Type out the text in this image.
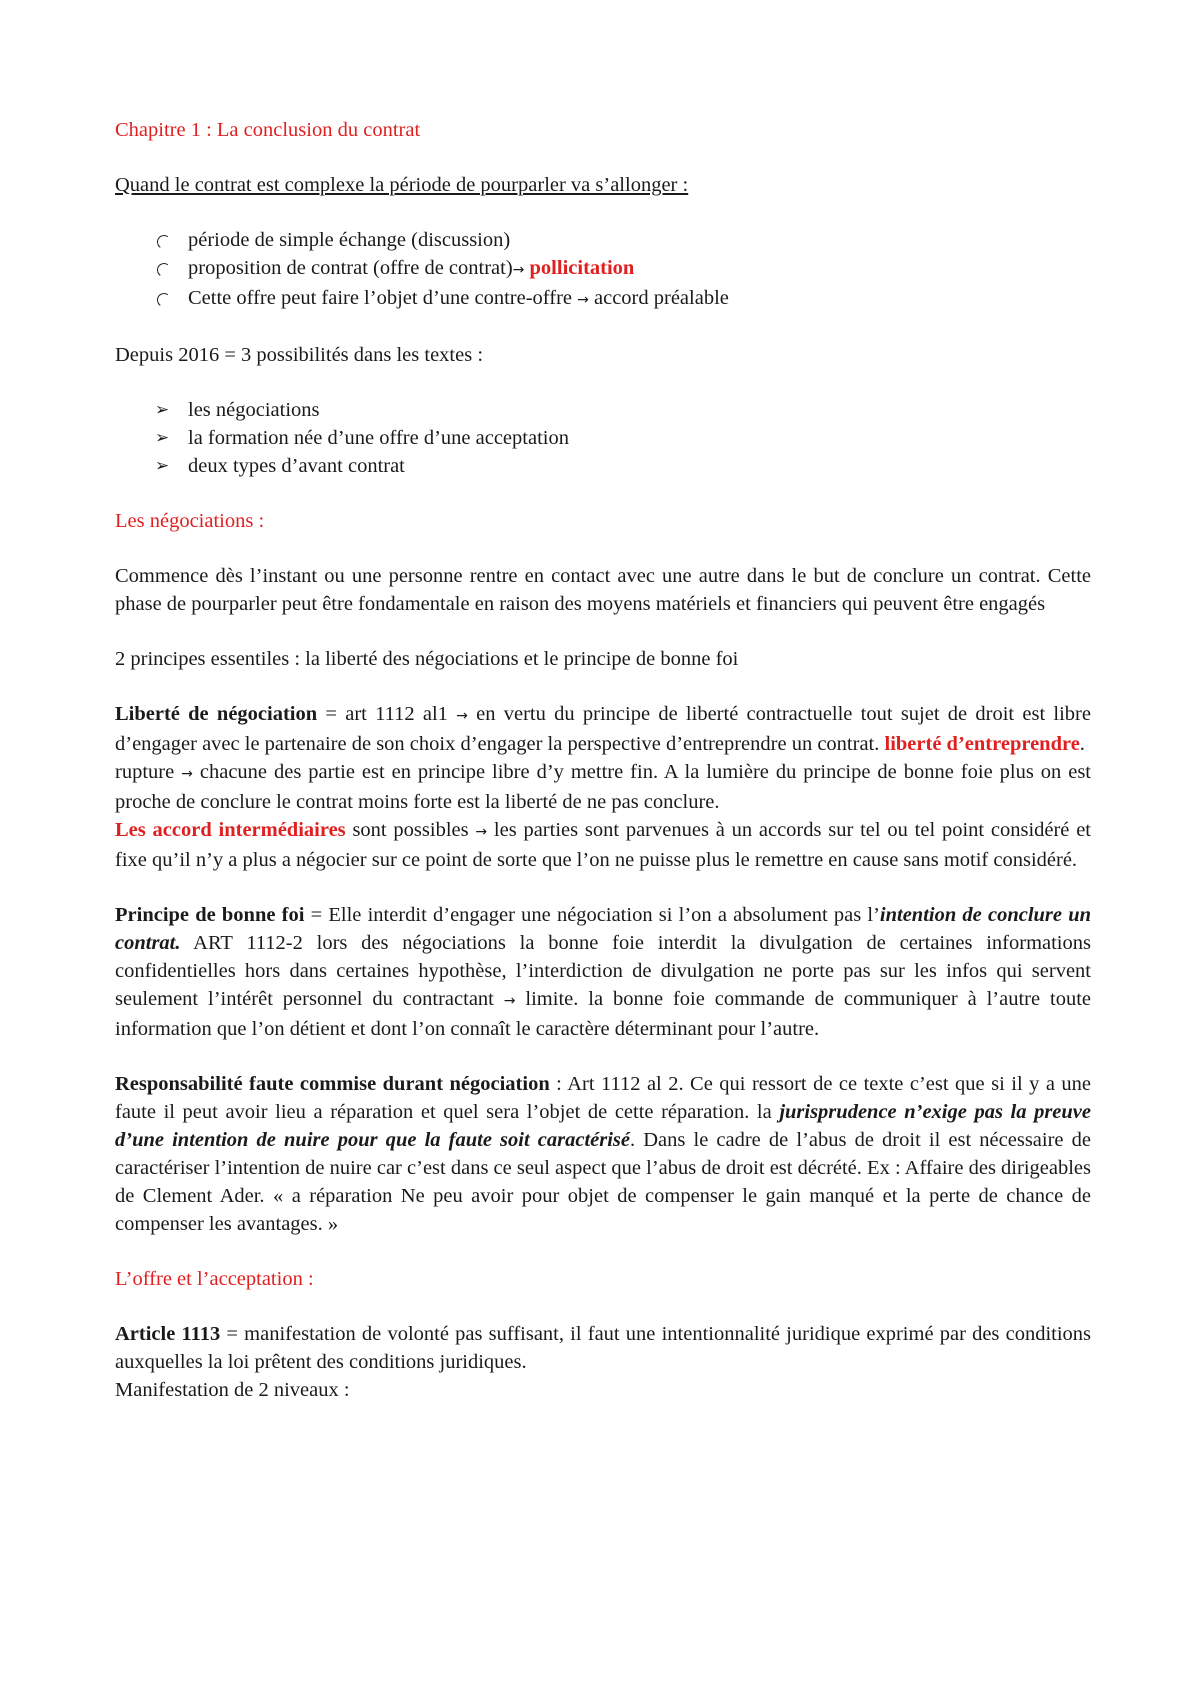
Chapitre 1 : La conclusion du contrat

Quand le contrat est complexe la période de pourparler va s’allonger :

période de simple échange (discussion)
proposition de contrat (offre de contrat)→ pollicitation
Cette offre peut faire l’objet d’une contre-offre → accord préalable

Depuis 2016 = 3 possibilités dans les textes :

➢ les négociations
➢ la formation née d’une offre d’une acceptation
➢ deux types d’avant contrat

Les négociations :

Commence dès l’instant ou une personne rentre en contact avec une autre dans le but de conclure un contrat. Cette phase de pourparler peut être fondamentale en raison des moyens matériels et financiers qui peuvent être engagés

2 principes essentiles : la liberté des négociations et le principe de bonne foi

Liberté de négociation = art 1112 al1 → en vertu du principe de liberté contractuelle tout sujet de droit est libre d’engager avec le partenaire de son choix d’engager la perspective d’entreprendre un contrat. liberté d’entreprendre.

rupture → chacune des partie est en principe libre d’y mettre fin. A la lumière du principe de bonne foie plus on est proche de conclure le contrat moins forte est la liberté de ne pas conclure.

Les accord intermédiaires sont possibles → les parties sont parvenues à un accords sur tel ou tel point considéré et fixe qu’il n’y a plus a négocier sur ce point de sorte que l’on ne puisse plus le remettre en cause sans motif considéré.

Principe de bonne foi = Elle interdit d’engager une négociation si l’on a absolument pas l’intention de conclure un contrat. ART 1112-2 lors des négociations la bonne foie interdit la divulgation de certaines informations confidentielles hors dans certaines hypothèse, l’interdiction de divulgation ne porte pas sur les infos qui servent seulement l’intérêt personnel du contractant → limite. la bonne foie commande de communiquer à l’autre toute information que l’on détient et dont l’on connaît le caractère déterminant pour l’autre.

Responsabilité faute commise durant négociation : Art 1112 al 2. Ce qui ressort de ce texte c’est que si il y a une faute il peut avoir lieu a réparation et quel sera l’objet de cette réparation. la jurisprudence n’exige pas la preuve d’une intention de nuire pour que la faute soit caractérisé. Dans le cadre de l’abus de droit il est nécessaire de caractériser l’intention de nuire car c’est dans ce seul aspect que l’abus de droit est décrété. Ex : Affaire des dirigeables de Clement Ader. « a réparation Ne peu avoir pour objet de compenser le gain manqué et la perte de chance de compenser les avantages. »

L’offre et l’acceptation :

Article 1113 = manifestation de volonté pas suffisant, il faut une intentionnalité juridique exprimé par des conditions auxquelles la loi prêtent des conditions juridiques.

Manifestation de 2 niveaux :
